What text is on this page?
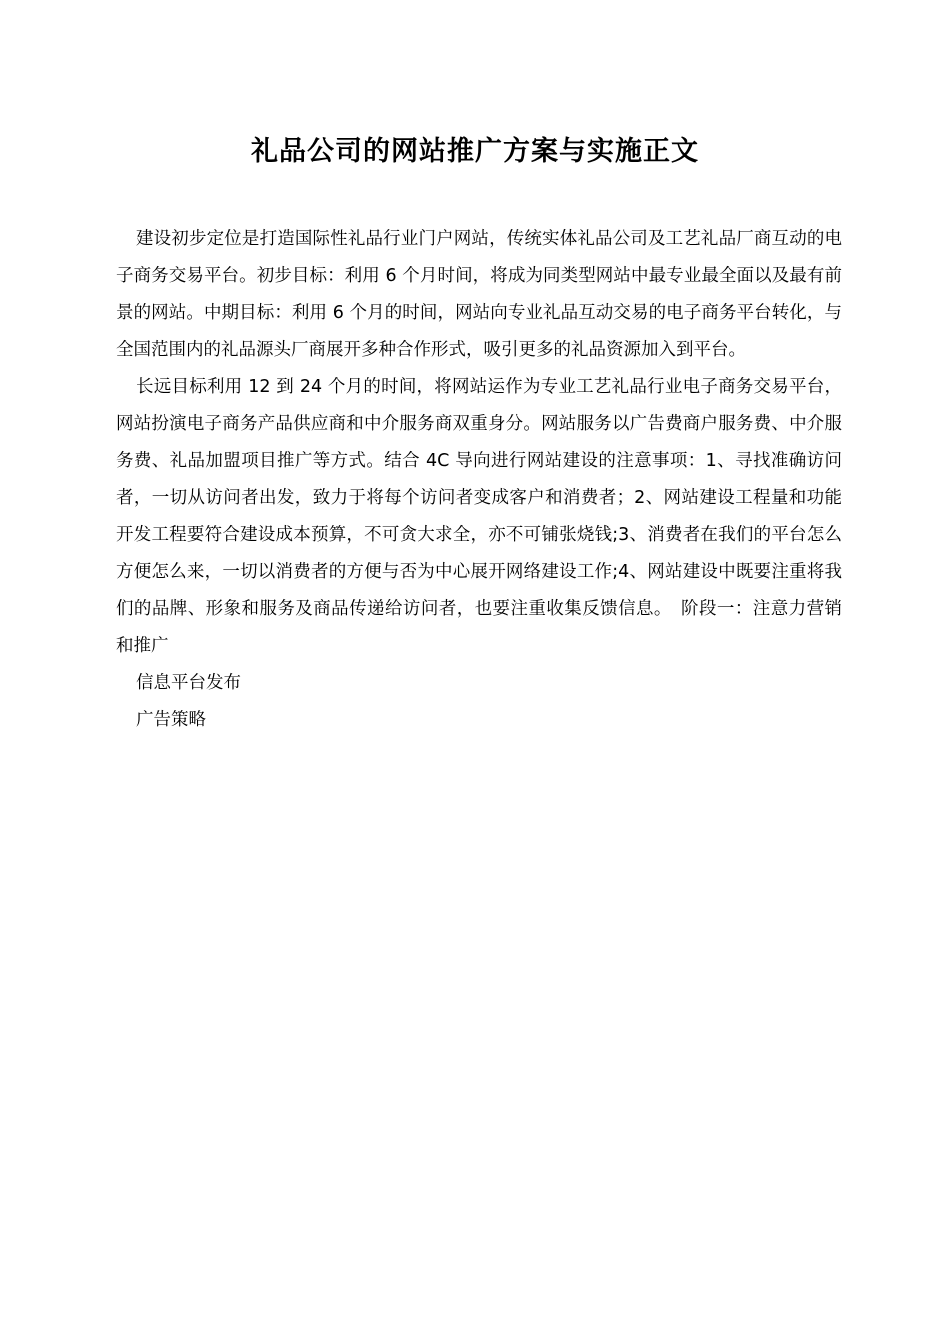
礼品公司的网站推广方案与实施正文

建设初步定位是打造国际性礼品行业门户网站，传统实体礼品公司及工艺礼品厂商互动的电子商务交易平台。初步目标：利用 6 个月时间，将成为同类型网站中最专业最全面以及最有前景的网站。中期目标：利用 6 个月的时间，网站向专业礼品互动交易的电子商务平台转化，与全国范围内的礼品源头厂商展开多种合作形式，吸引更多的礼品资源加入到平台。

长远目标利用 12 到 24 个月的时间，将网站运作为专业工艺礼品行业电子商务交易平台，网站扮演电子商务产品供应商和中介服务商双重身分。网站服务以广告费商户服务费、中介服务费、礼品加盟项目推广等方式。结合 4C 导向进行网站建设的注意事项：1、寻找准确访问者，一切从访问者出发，致力于将每个访问者变成客户和消费者；2、网站建设工程量和功能开发工程要符合建设成本预算，不可贪大求全，亦不可铺张烧钱;3、消费者在我们的平台怎么方便怎么来，一切以消费者的方便与否为中心展开网络建设工作;4、网站建设中既要注重将我们的品牌、形象和服务及商品传递给访问者，也要注重收集反馈信息。　阶段一：注意力营销和推广

信息平台发布

广告策略
